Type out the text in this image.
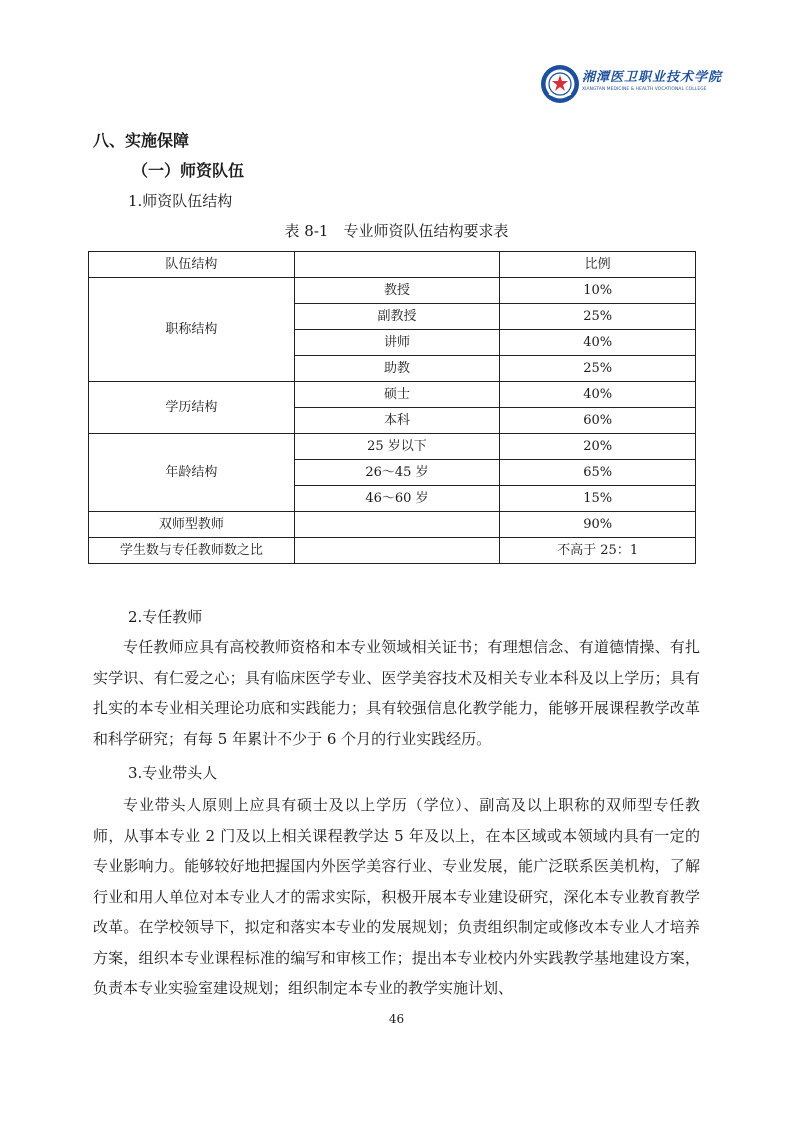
湘潭医卫职业技术学院
XIANGTAN MEDICINE & HEALTH VOCATIONAL COLLEGE
八、实施保障
（一）师资队伍
1.师资队伍结构
表 8-1　专业师资队伍结构要求表
队伍结构		比例
职称结构	教授	10%
	副教授	25%
	讲师	40%
	助教	25%
学历结构	硕士	40%
	本科	60%
年龄结构	25 岁以下	20%
	26～45 岁	65%
	46～60 岁	15%
双师型教师		90%
学生数与专任教师数之比		不高于 25：1
2.专任教师
专任教师应具有高校教师资格和本专业领域相关证书；有理想信念、有道德情操、有扎实学识、有仁爱之心；具有临床医学专业、医学美容技术及相关专业本科及以上学历；具有扎实的本专业相关理论功底和实践能力；具有较强信息化教学能力，能够开展课程教学改革和科学研究；有每 5 年累计不少于 6 个月的行业实践经历。
3.专业带头人
专业带头人原则上应具有硕士及以上学历（学位）、副高及以上职称的双师型专任教师，从事本专业 2 门及以上相关课程教学达 5 年及以上，在本区域或本领域内具有一定的专业影响力。能够较好地把握国内外医学美容行业、专业发展，能广泛联系医美机构，了解行业和用人单位对本专业人才的需求实际，积极开展本专业建设研究，深化本专业教育教学改革。在学校领导下，拟定和落实本专业的发展规划；负责组织制定或修改本专业人才培养方案，组织本专业课程标准的编写和审核工作；提出本专业校内外实践教学基地建设方案，负责本专业实验室建设规划；组织制定本专业的教学实施计划、
46
